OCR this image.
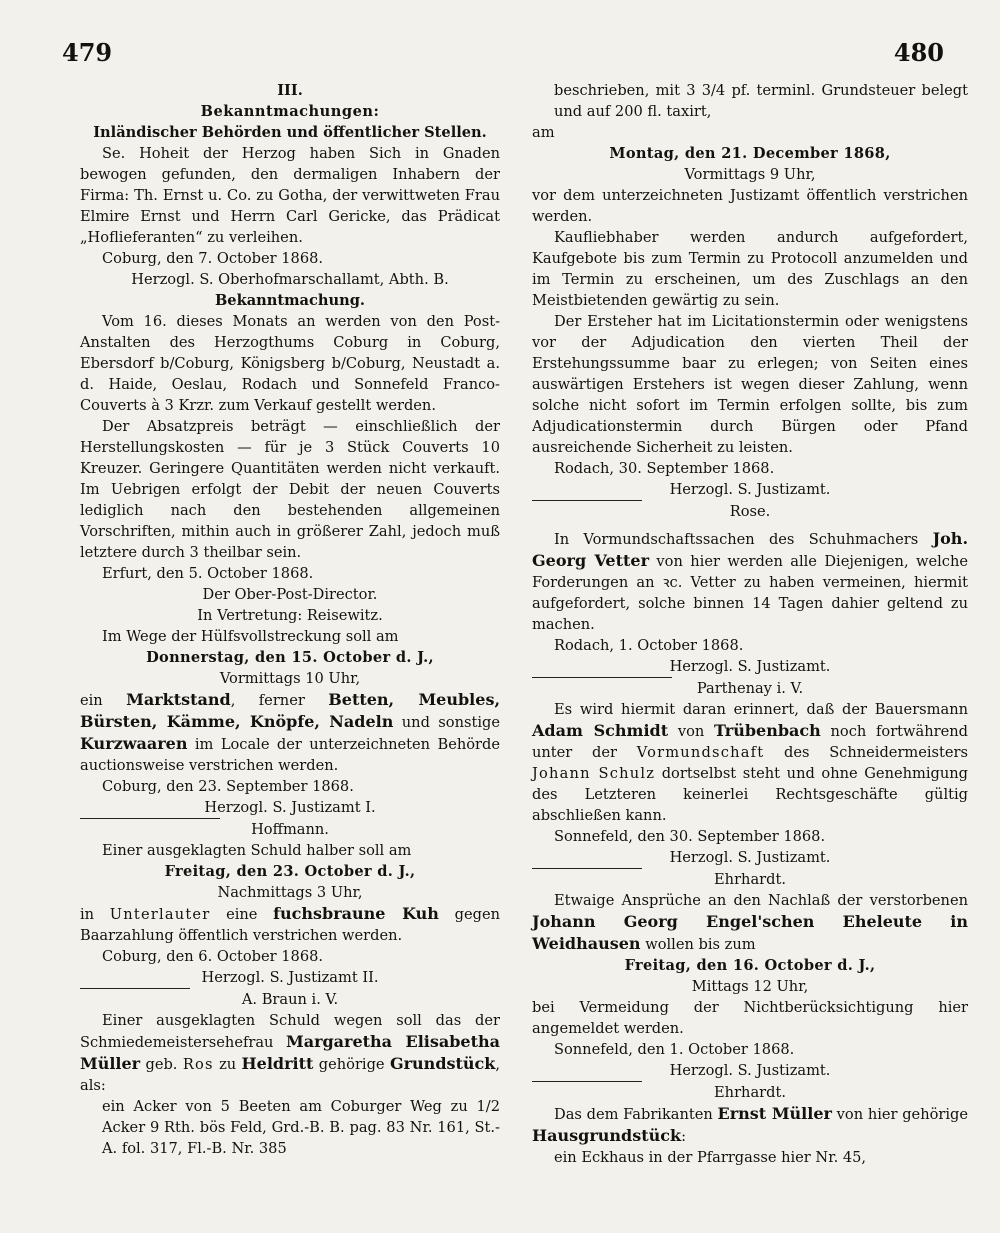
479	480
III.
Bekanntmachungen:
Inländischer Behörden und öffentlicher Stellen.

Se. Hoheit der Herzog haben Sich in Gnaden bewogen gefunden, den dermaligen Inhabern der Firma: Th. Ernst u. Co. zu Gotha, der verwittweten Frau Elmire Ernst und Herrn Carl Gericke, das Prädicat „Hoflieferanten“ zu verleihen.

Coburg, den 7. October 1868.

Herzogl. S. Oberhofmarschallamt, Abth. B.
Bekanntmachung.

Vom 16. dieses Monats an werden von den Post-Anstalten des Herzogthums Coburg in Coburg, Ebersdorf b/Coburg, Königsberg b/Coburg, Neustadt a. d. Haide, Oeslau, Rodach und Sonnefeld Franco-Couverts à 3 Krzr. zum Verkauf gestellt werden.

Der Absatzpreis beträgt — einschließlich der Herstellungskosten — für je 3 Stück Couverts 10 Kreuzer. Geringere Quantitäten werden nicht verkauft. Im Uebrigen erfolgt der Debit der neuen Couverts lediglich nach den bestehenden allgemeinen Vorschriften, mithin auch in größerer Zahl, jedoch muß letztere durch 3 theilbar sein.

Erfurt, den 5. October 1868.

Der Ober-Post-Director.
In Vertretung: Reisewitz.

Im Wege der Hülfsvollstreckung soll am

Donnerstag, den 15. October d. J.,
Vormittags 10 Uhr,

ein Marktstand, ferner Betten, Meubles, Bürsten, Kämme, Knöpfe, Nadeln und sonstige Kurzwaaren im Locale der unterzeichneten Behörde auctionsweise verstrichen werden.

Coburg, den 23. September 1868.

Herzogl. S. Justizamt I.
Hoffmann.

Einer ausgeklagten Schuld halber soll am

Freitag, den 23. October d. J.,
Nachmittags 3 Uhr,

in Unterlauter eine fuchsbraune Kuh gegen Baarzahlung öffentlich verstrichen werden.

Coburg, den 6. October 1868.

Herzogl. S. Justizamt II.
A. Braun i. V.

Einer ausgeklagten Schuld wegen soll das der Schmiedemeistersehefrau Margaretha Elisabetha Müller geb. Ros zu Heldritt gehörige Grundstück, als:

ein Acker von 5 Beeten am Coburger Weg zu 1/2 Acker 9 Rth. bös Feld, Grd.-B. B. pag. 83 Nr. 161, St.-A. fol. 317, Fl.-B. Nr. 385

beschrieben, mit 3 3/4 pf. terminl. Grundsteuer belegt und auf 200 fl. taxirt,

am
Montag, den 21. December 1868,
Vormittags 9 Uhr,

vor dem unterzeichneten Justizamt öffentlich verstrichen werden.

Kaufliebhaber werden andurch aufgefordert, Kaufgebote bis zum Termin zu Protocoll anzumelden und im Termin zu erscheinen, um des Zuschlags an den Meistbietenden gewärtig zu sein.

Der Ersteher hat im Licitationstermin oder wenigstens vor der Adjudication den vierten Theil der Erstehungssumme baar zu erlegen; von Seiten eines auswärtigen Erstehers ist wegen dieser Zahlung, wenn solche nicht sofort im Termin erfolgen sollte, bis zum Adjudicationstermin durch Bürgen oder Pfand ausreichende Sicherheit zu leisten.

Rodach, 30. September 1868.

Herzogl. S. Justizamt.
Rose.

In Vormundschaftssachen des Schuhmachers Joh. Georg Vetter von hier werden alle Diejenigen, welche Forderungen an ꝛc. Vetter zu haben vermeinen, hiermit aufgefordert, solche binnen 14 Tagen dahier geltend zu machen.

Rodach, 1. October 1868.

Herzogl. S. Justizamt.
Parthenay i. V.

Es wird hiermit daran erinnert, daß der Bauersmann Adam Schmidt von Trübenbach noch fortwährend unter der Vormundschaft des Schneidermeisters Johann Schulz dortselbst steht und ohne Genehmigung des Letzteren keinerlei Rechtsgeschäfte gültig abschließen kann.

Sonnefeld, den 30. September 1868.

Herzogl. S. Justizamt.
Ehrhardt.

Etwaige Ansprüche an den Nachlaß der verstorbenen Johann Georg Engel'schen Eheleute in Weidhausen wollen bis zum

Freitag, den 16. October d. J.,
Mittags 12 Uhr,

bei Vermeidung der Nichtberücksichtigung hier angemeldet werden.

Sonnefeld, den 1. October 1868.

Herzogl. S. Justizamt.
Ehrhardt.

Das dem Fabrikanten Ernst Müller von hier gehörige Hausgrundstück:

ein Eckhaus in der Pfarrgasse hier Nr. 45,
